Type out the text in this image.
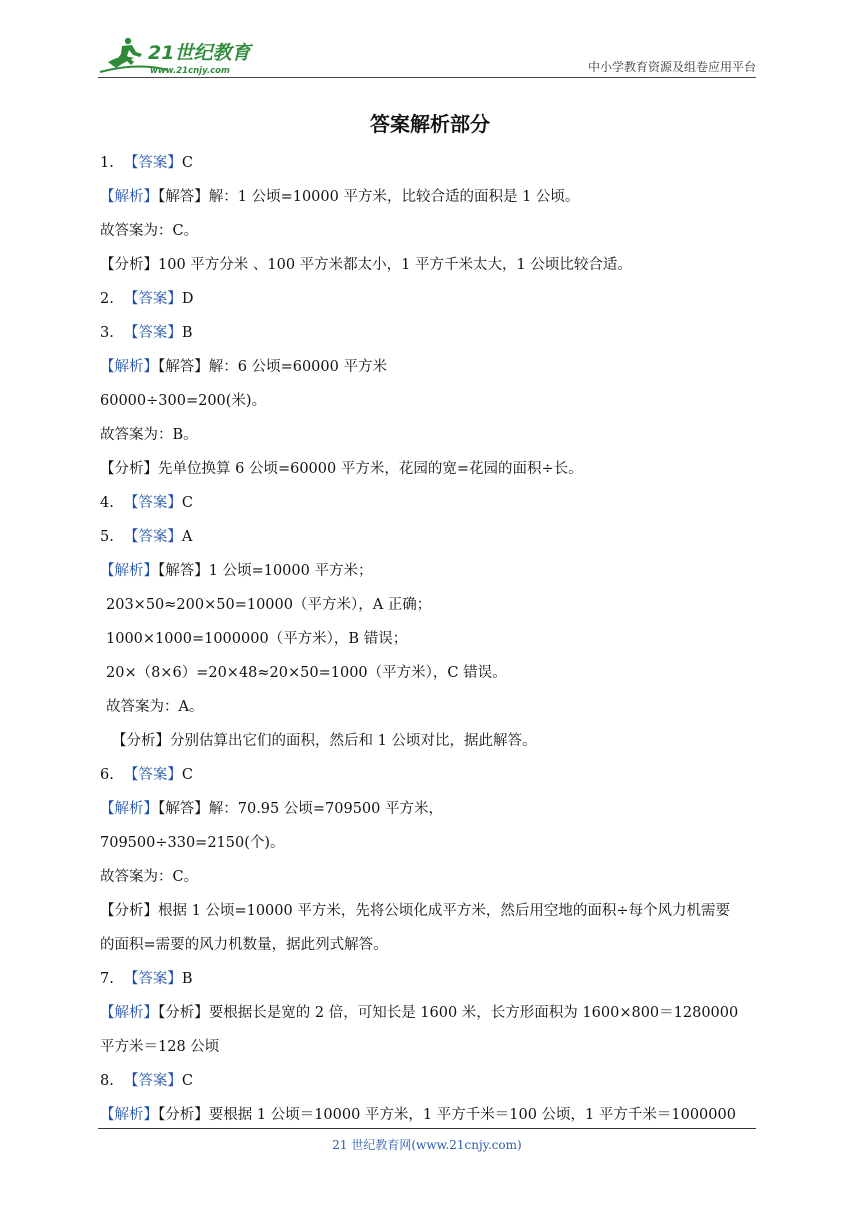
21世纪教育
www.21cnjy.com	中小学教育资源及组卷应用平台
答案解析部分
1. 【答案】C
【解析】【解答】解：1 公顷=10000 平方米，比较合适的面积是 1 公顷。
故答案为：C。
【分析】100 平方分米 、100 平方米都太小，1 平方千米太大，1 公顷比较合适。
2. 【答案】D
3. 【答案】B
【解析】【解答】解：6 公顷=60000 平方米
60000÷300=200(米)。
故答案为：B。
【分析】先单位换算 6 公顷=60000 平方米，花园的宽=花园的面积÷长。
4. 【答案】C
5. 【答案】A
【解析】【解答】1 公顷=10000 平方米；
203×50≈200×50=10000（平方米），A 正确；
1000×1000=1000000（平方米），B 错误；
20×（8×6）=20×48≈20×50=1000（平方米），C 错误。
故答案为：A。
【分析】分别估算出它们的面积，然后和 1 公顷对比，据此解答。
6. 【答案】C
【解析】【解答】解：70.95 公顷=709500 平方米，
709500÷330=2150(个)。
故答案为：C。
【分析】根据 1 公顷=10000 平方米，先将公顷化成平方米，然后用空地的面积÷每个风力机需要
的面积=需要的风力机数量，据此列式解答。
7. 【答案】B
【解析】【分析】要根据长是宽的 2 倍，可知长是 1600 米，长方形面积为 1600×800＝1280000
平方米＝128 公顷
8. 【答案】C
【解析】【分析】要根据 1 公顷＝10000 平方米，1 平方千米＝100 公顷，1 平方千米＝1000000
21 世纪教育网(www.21cnjy.com)
